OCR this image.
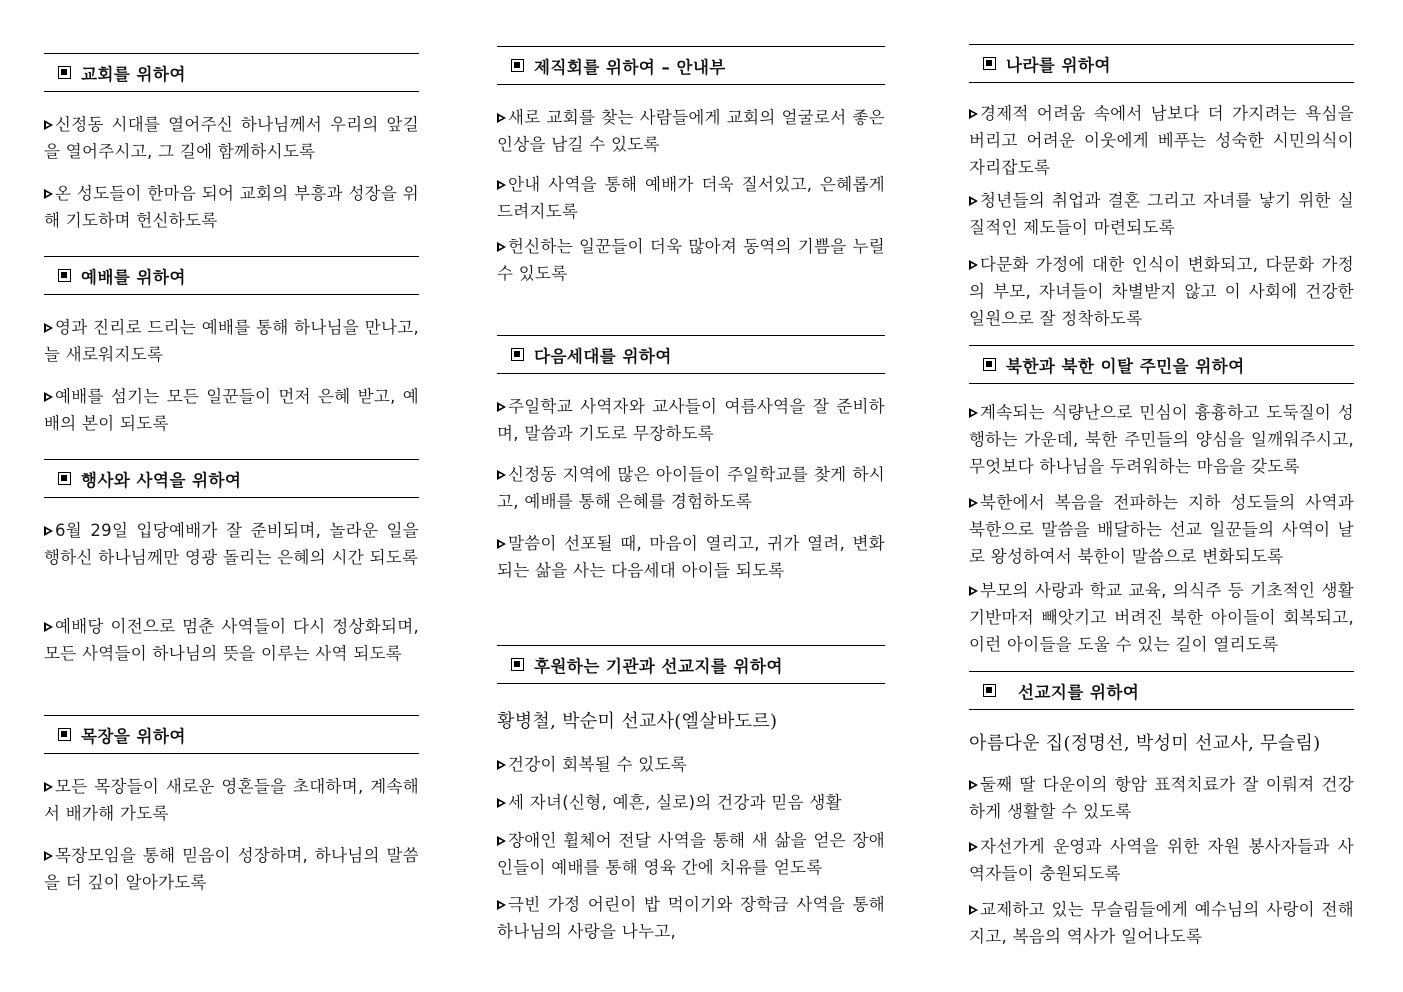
교회를 위하여
신정동 시대를 열어주신 하나님께서 우리의 앞길을 열어주시고, 그 길에 함께하시도록
온 성도들이 한마음 되어 교회의 부흥과 성장을 위해 기도하며 헌신하도록
예배를 위하여
영과 진리로 드리는 예배를 통해 하나님을 만나고, 늘 새로워지도록
예배를 섬기는 모든 일꾼들이 먼저 은혜 받고, 예배의 본이 되도록
행사와 사역을 위하여
6월 29일 입당예배가 잘 준비되며, 놀라운 일을 행하신 하나님께만 영광 돌리는 은혜의 시간 되도록
예배당 이전으로 멈춘 사역들이 다시 정상화되며, 모든 사역들이 하나님의 뜻을 이루는 사역 되도록
목장을 위하여
모든 목장들이 새로운 영혼들을 초대하며, 계속해서 배가해 가도록
목장모임을 통해 믿음이 성장하며, 하나님의 말씀을 더 깊이 알아가도록
제직회를 위하여 – 안내부
새로 교회를 찾는 사람들에게 교회의 얼굴로서 좋은 인상을 남길 수 있도록
안내 사역을 통해 예배가 더욱 질서있고, 은혜롭게 드려지도록
헌신하는 일꾼들이 더욱 많아져 동역의 기쁨을 누릴 수 있도록
다음세대를 위하여
주일학교 사역자와 교사들이 여름사역을 잘 준비하며, 말씀과 기도로 무장하도록
신정동 지역에 많은 아이들이 주일학교를 찾게 하시고, 예배를 통해 은혜를 경험하도록
말씀이 선포될 때, 마음이 열리고, 귀가 열려, 변화되는 삶을 사는 다음세대 아이들 되도록
후원하는 기관과 선교지를 위하여
황병철, 박순미 선교사(엘살바도르)
건강이 회복될 수 있도록
세 자녀(신형, 예흔, 실로)의 건강과 믿음 생활
장애인 휠체어 전달 사역을 통해 새 삶을 얻은 장애인들이 예배를 통해 영육 간에 치유를 얻도록
극빈 가정 어린이 밥 먹이기와 장학금 사역을 통해 하나님의 사랑을 나누고,
나라를 위하여
경제적 어려움 속에서 남보다 더 가지려는 욕심을 버리고 어려운 이웃에게 베푸는 성숙한 시민의식이 자리잡도록
청년들의 취업과 결혼 그리고 자녀를 낳기 위한 실질적인 제도들이 마련되도록
다문화 가정에 대한 인식이 변화되고, 다문화 가정의 부모, 자녀들이 차별받지 않고 이 사회에 건강한 일원으로 잘 정착하도록
북한과 북한 이탈 주민을 위하여
계속되는 식량난으로 민심이 흉흉하고 도둑질이 성행하는 가운데, 북한 주민들의 양심을 일깨워주시고, 무엇보다 하나님을 두려워하는 마음을 갖도록
북한에서 복음을 전파하는 지하 성도들의 사역과 북한으로 말씀을 배달하는 선교 일꾼들의 사역이 날로 왕성하여서 북한이 말씀으로 변화되도록
부모의 사랑과 학교 교육, 의식주 등 기초적인 생활 기반마저 빼앗기고 버려진 북한 아이들이 회복되고, 이런 아이들을 도울 수 있는 길이 열리도록
선교지를 위하여
아름다운 집(정명선, 박성미 선교사, 무슬림)
둘째 딸 다운이의 항암 표적치료가 잘 이뤄져 건강하게 생활할 수 있도록
자선가게 운영과 사역을 위한 자원 봉사자들과 사역자들이 충원되도록
교제하고 있는 무슬림들에게 예수님의 사랑이 전해지고, 복음의 역사가 일어나도록
